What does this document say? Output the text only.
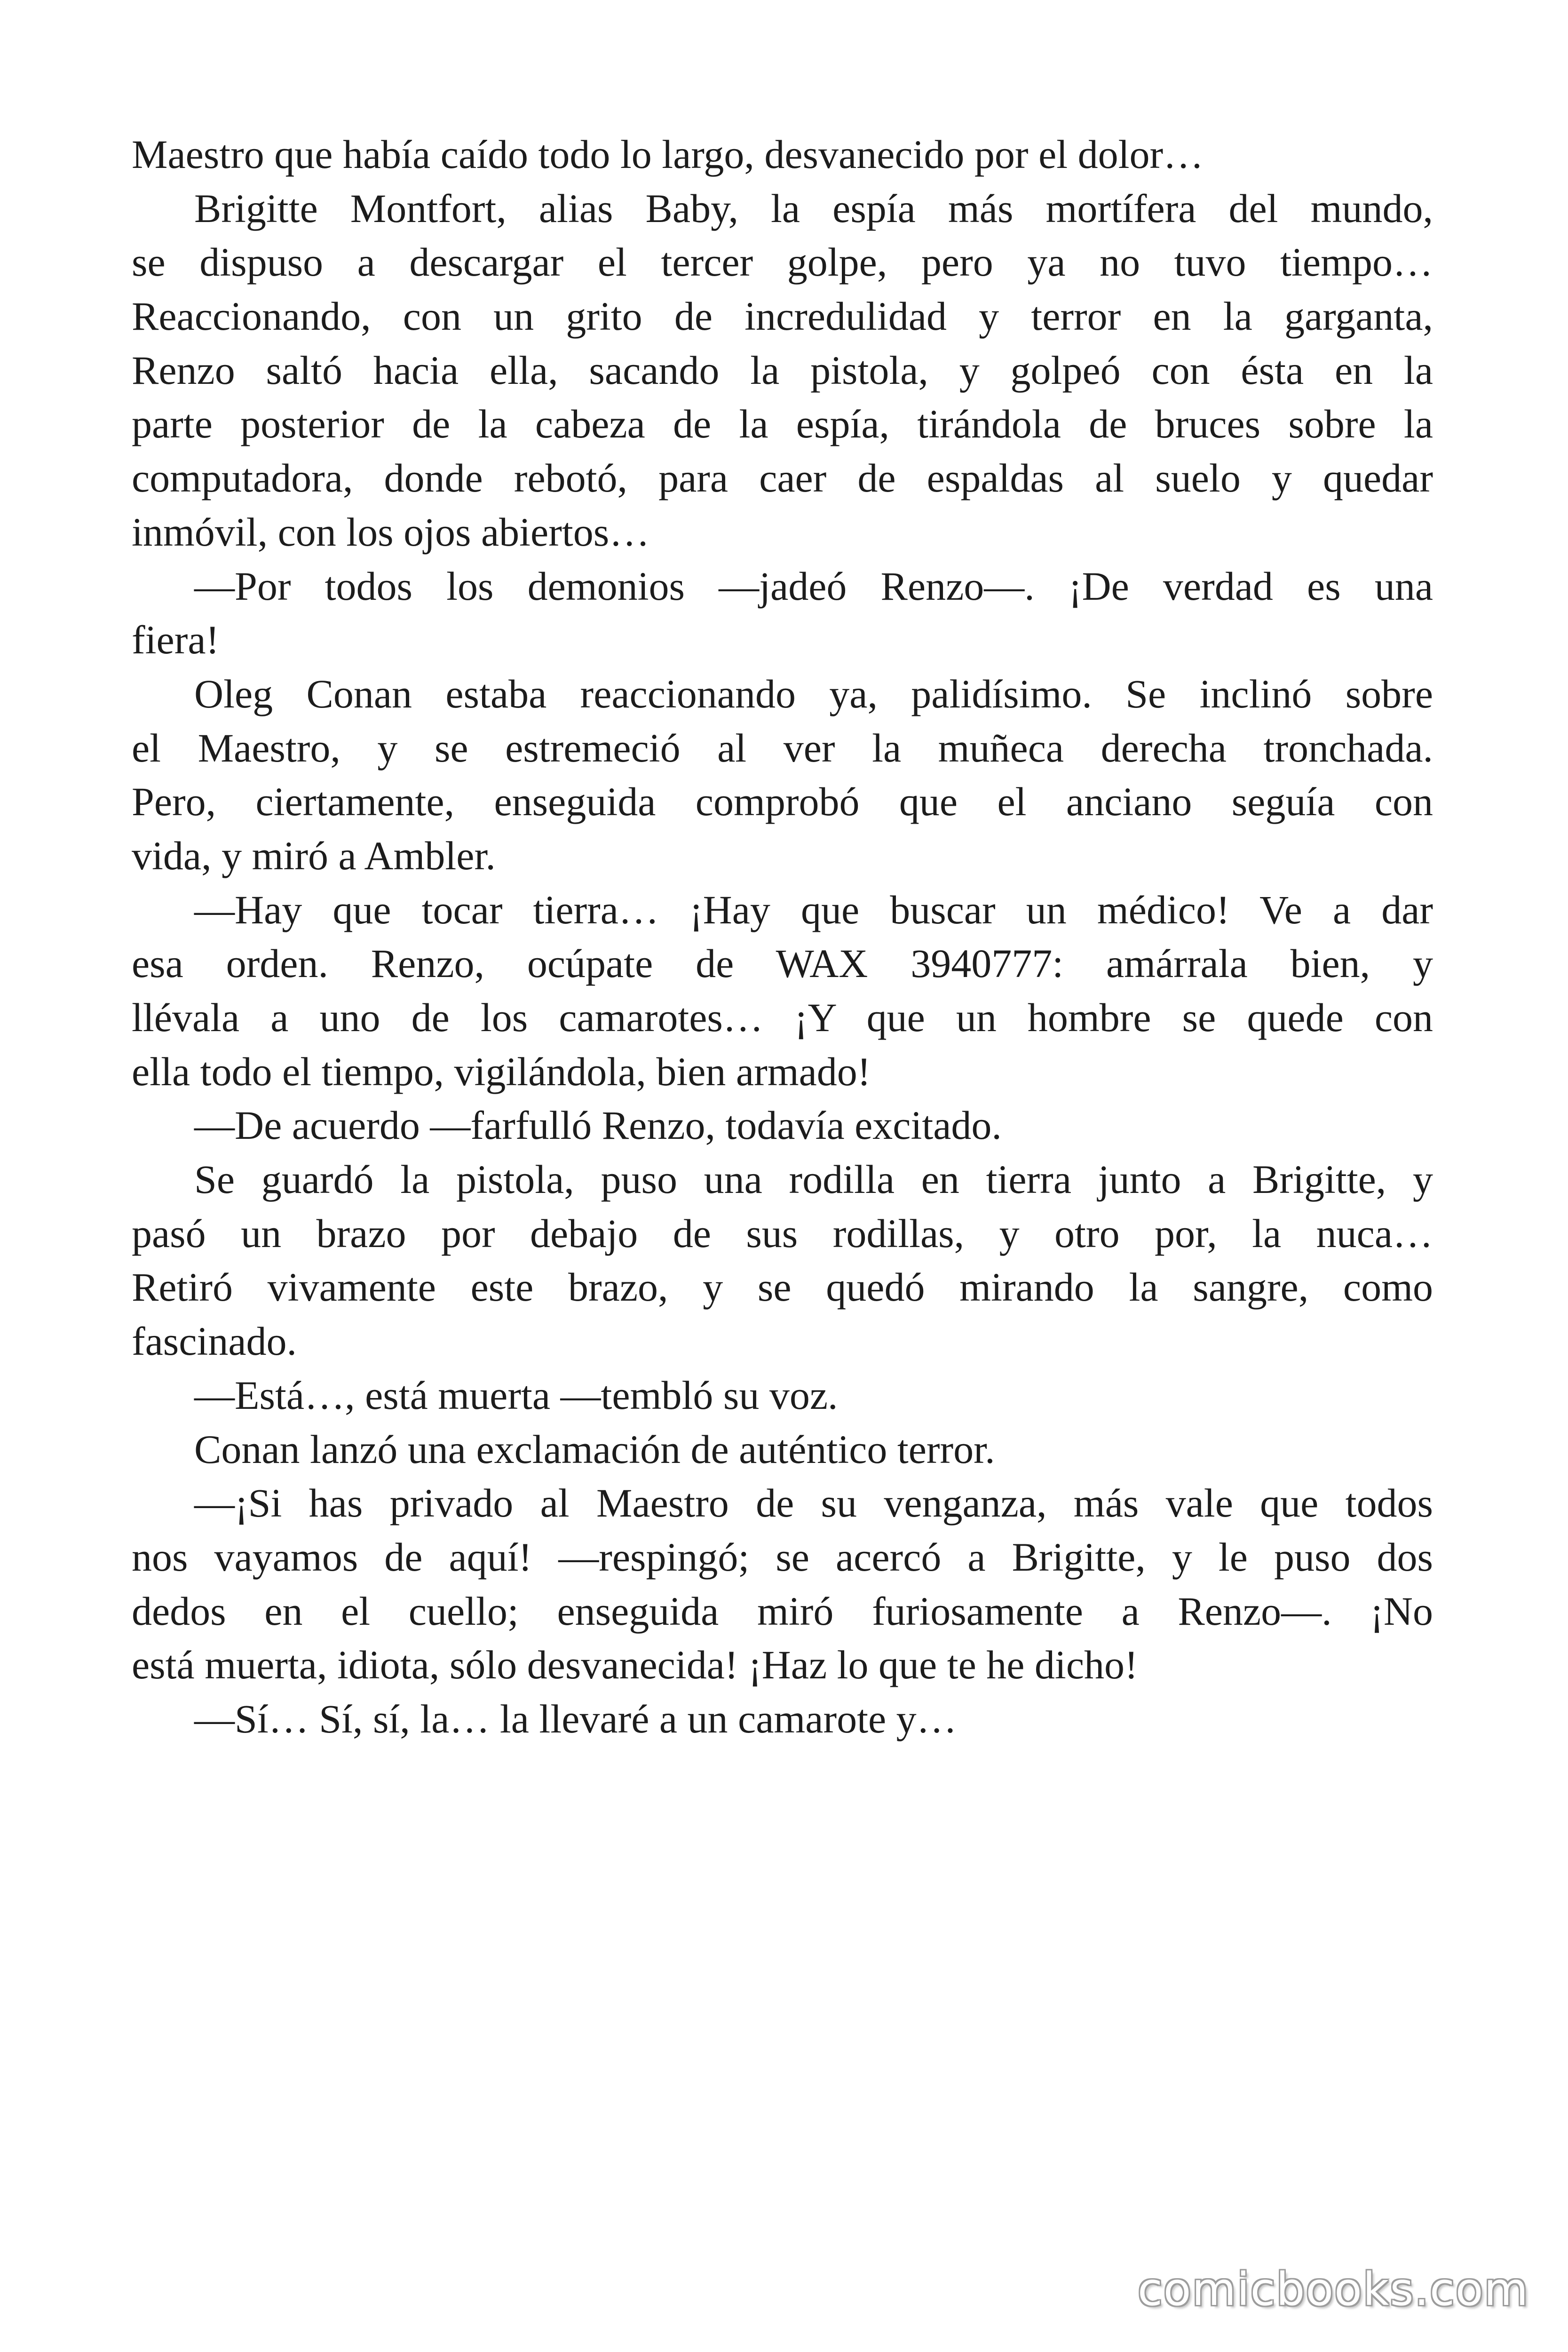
Maestro que había caído todo lo largo, desvanecido por el dolor…
Brigitte Montfort, alias Baby, la espía más mortífera del mundo,
se dispuso a descargar el tercer golpe, pero ya no tuvo tiempo…
Reaccionando, con un grito de incredulidad y terror en la garganta,
Renzo saltó hacia ella, sacando la pistola, y golpeó con ésta en la
parte posterior de la cabeza de la espía, tirándola de bruces sobre la
computadora, donde rebotó, para caer de espaldas al suelo y quedar
inmóvil, con los ojos abiertos…
—Por todos los demonios —jadeó Renzo—. ¡De verdad es una
fiera!
Oleg Conan estaba reaccionando ya, palidísimo. Se inclinó sobre
el Maestro, y se estremeció al ver la muñeca derecha tronchada.
Pero, ciertamente, enseguida comprobó que el anciano seguía con
vida, y miró a Ambler.
—Hay que tocar tierra… ¡Hay que buscar un médico! Ve a dar
esa orden. Renzo, ocúpate de WAX 3940777: amárrala bien, y
llévala a uno de los camarotes… ¡Y que un hombre se quede con
ella todo el tiempo, vigilándola, bien armado!
—De acuerdo —farfulló Renzo, todavía excitado.
Se guardó la pistola, puso una rodilla en tierra junto a Brigitte, y
pasó un brazo por debajo de sus rodillas, y otro por, la nuca…
Retiró vivamente este brazo, y se quedó mirando la sangre, como
fascinado.
—Está…, está muerta —tembló su voz.
Conan lanzó una exclamación de auténtico terror.
—¡Si has privado al Maestro de su venganza, más vale que todos
nos vayamos de aquí! —respingó; se acercó a Brigitte, y le puso dos
dedos en el cuello; enseguida miró furiosamente a Renzo—. ¡No
está muerta, idiota, sólo desvanecida! ¡Haz lo que te he dicho!
—Sí… Sí, sí, la… la llevaré a un camarote y…
comicbooks.com
